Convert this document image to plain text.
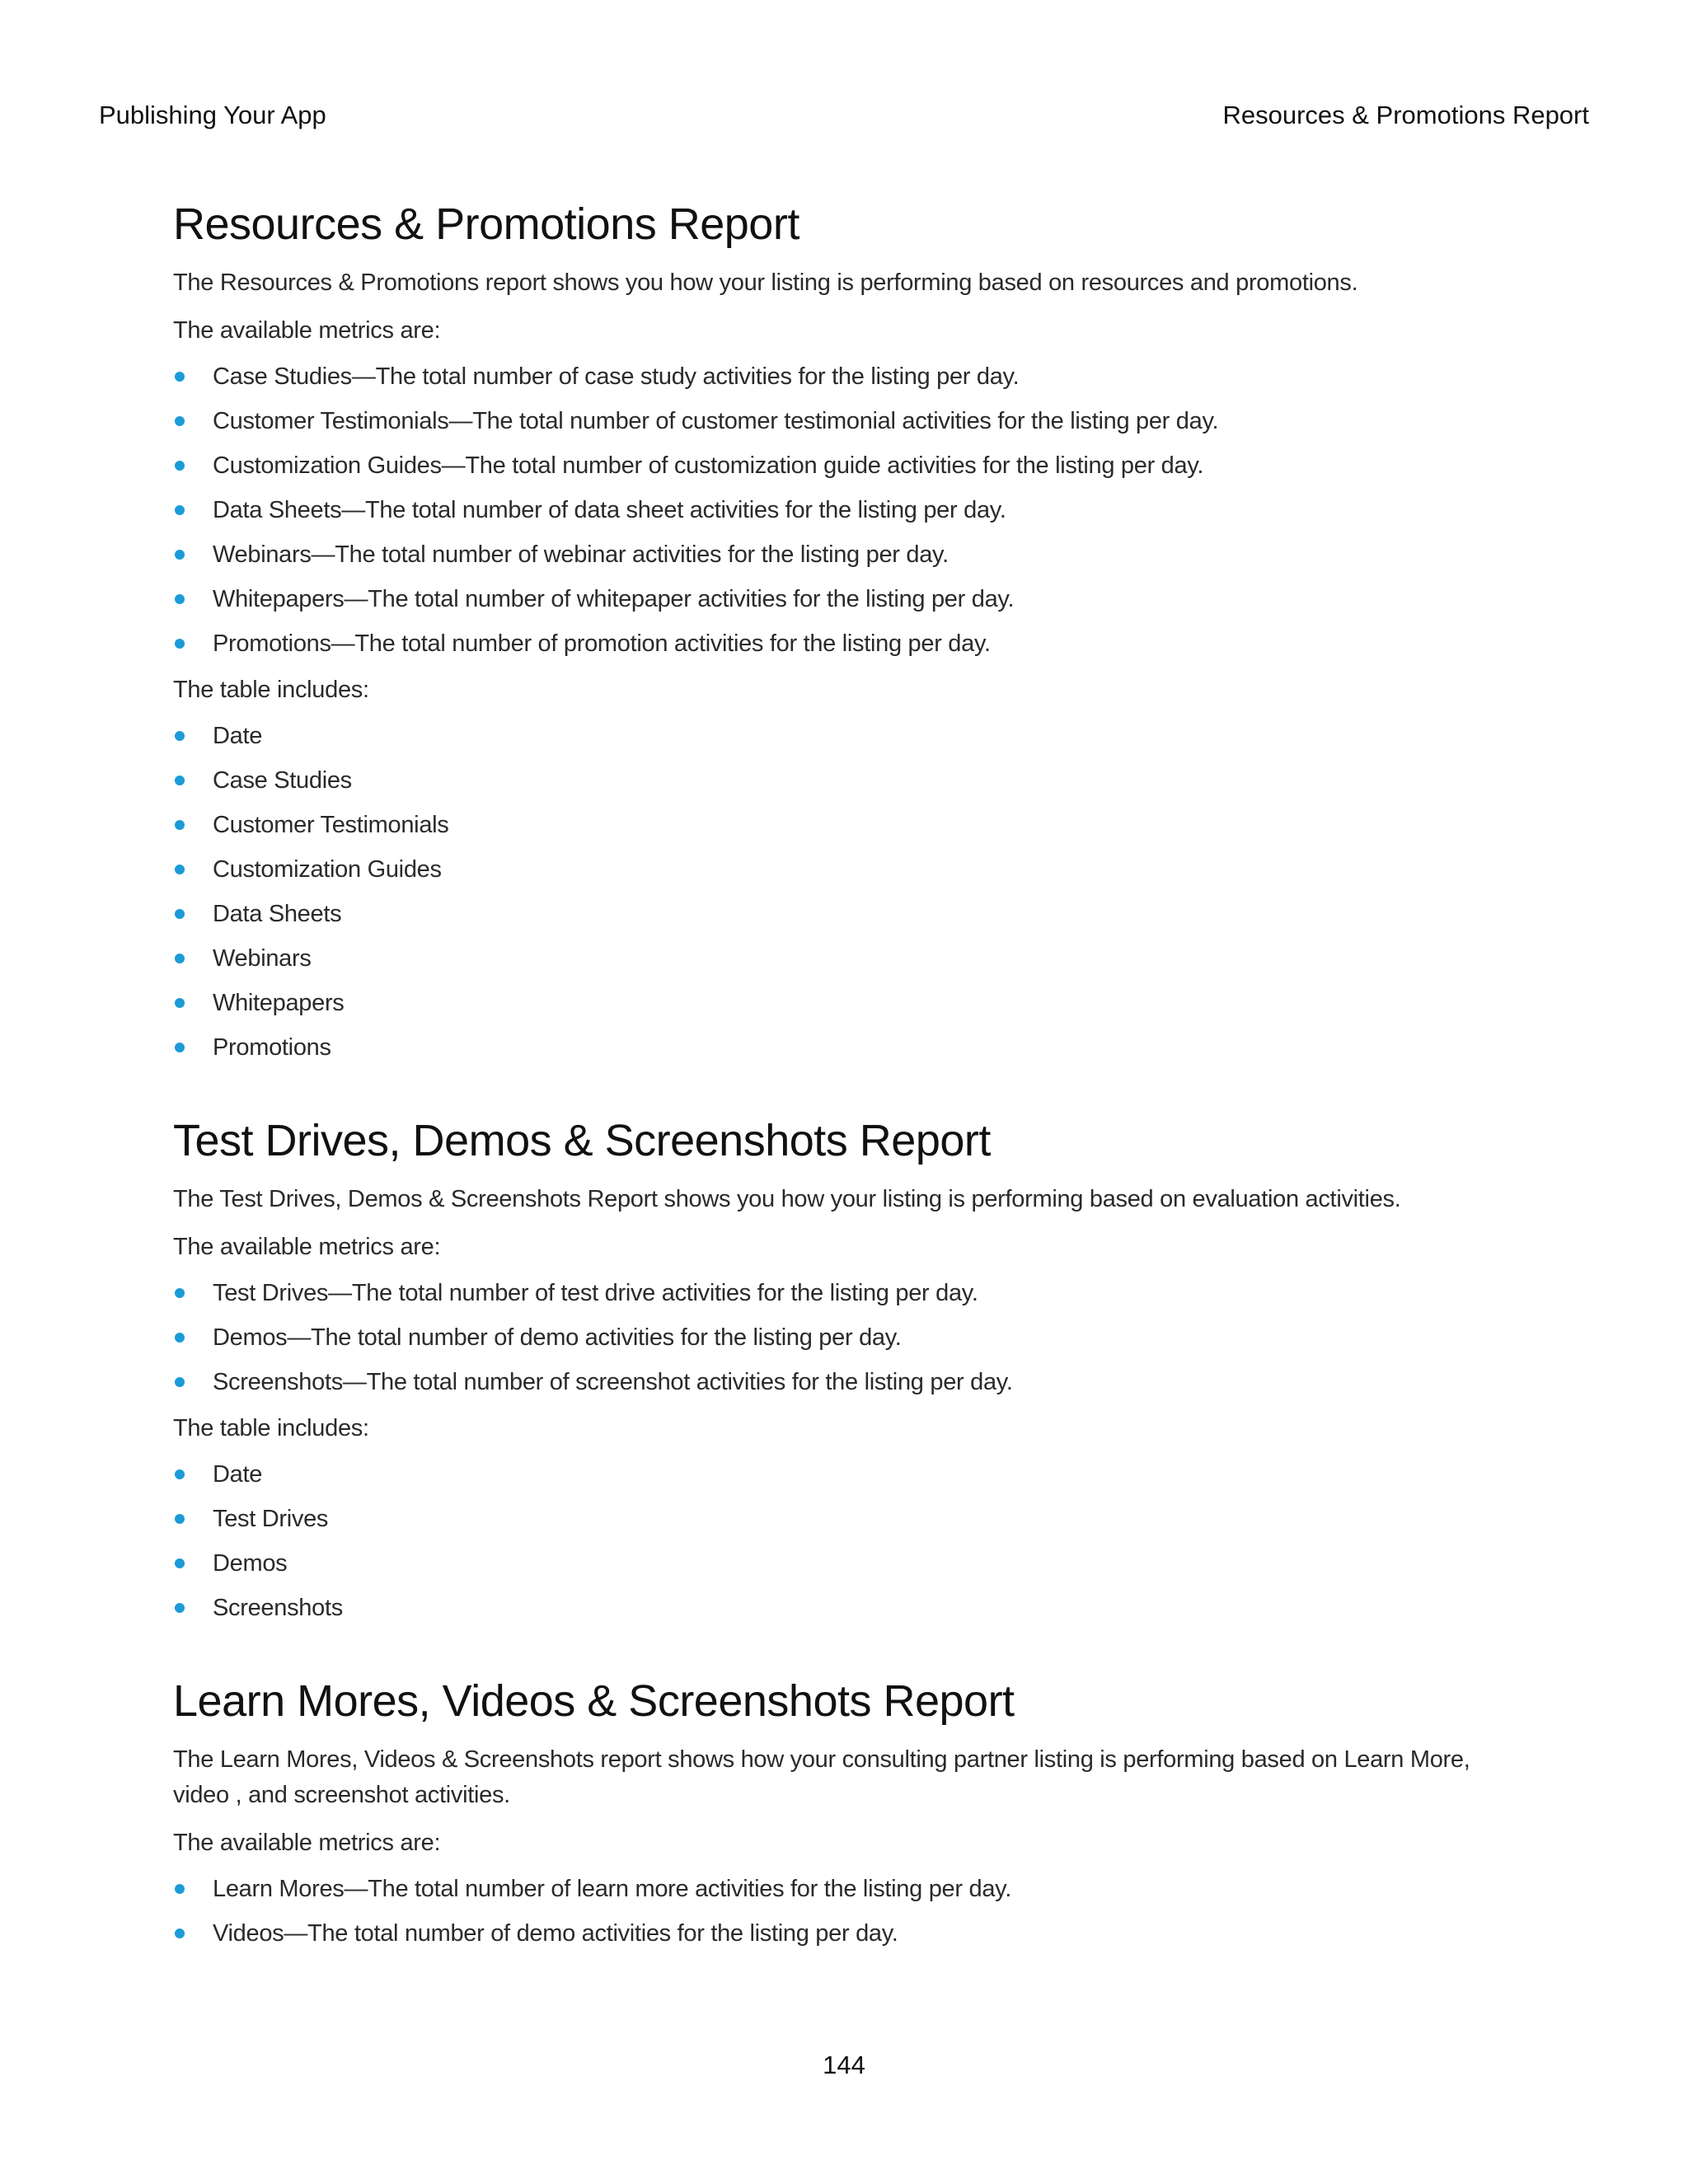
Publishing Your App	Resources & Promotions Report
Resources & Promotions Report

The Resources & Promotions report shows you how your listing is performing based on resources and promotions.

The available metrics are:

Case Studies—The total number of case study activities for the listing per day.
Customer Testimonials—The total number of customer testimonial activities for the listing per day.
Customization Guides—The total number of customization guide activities for the listing per day.
Data Sheets—The total number of data sheet activities for the listing per day.
Webinars—The total number of webinar activities for the listing per day.
Whitepapers—The total number of whitepaper activities for the listing per day.
Promotions—The total number of promotion activities for the listing per day.

The table includes:

Date
Case Studies
Customer Testimonials
Customization Guides
Data Sheets
Webinars
Whitepapers
Promotions
Test Drives, Demos & Screenshots Report

The Test Drives, Demos & Screenshots Report shows you how your listing is performing based on evaluation activities.

The available metrics are:

Test Drives—The total number of test drive activities for the listing per day.
Demos—The total number of demo activities for the listing per day.
Screenshots—The total number of screenshot activities for the listing per day.

The table includes:

Date
Test Drives
Demos
Screenshots
Learn Mores, Videos & Screenshots Report

The Learn Mores, Videos & Screenshots report shows how your consulting partner listing is performing based on Learn More, video , and screenshot activities.

The available metrics are:

Learn Mores—The total number of learn more activities for the listing per day.
Videos—The total number of demo activities for the listing per day.
144
